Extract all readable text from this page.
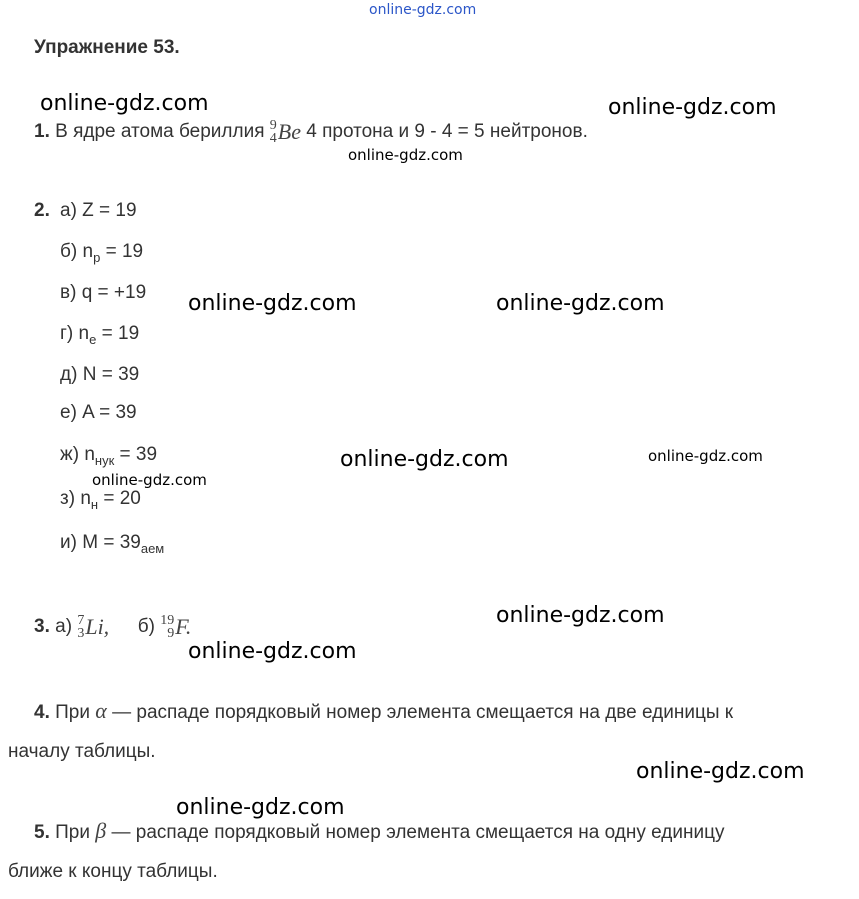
online-gdz.com
Упражнение 53.
1. В ядре атома бериллия 9
4 Be 4 протона и 9 - 4 = 5 нейтронов.
2. а) Z = 19
б) $n_p = 19$
в) q = +19
г) $n_e = 19$
д) N = 39
е) A = 39
ж) $n_{нук} = 39$
з) $n_н = 20$
и) $M = 39_{аем}$
3. а) 7
3 Li, б) 19
9 F.
4. При α — распаде порядковый номер элемента смещается на две единицы к
началу таблицы.
5. При β — распаде порядковый номер элемента смещается на одну единицу
ближе к концу таблицы.
online-gdz.com	online-gdz.com
online-gdz.com
online-gdz.com	online-gdz.com
online-gdz.com	online-gdz.com
online-gdz.com
online-gdz.com
online-gdz.com
online-gdz.com
online-gdz.com
